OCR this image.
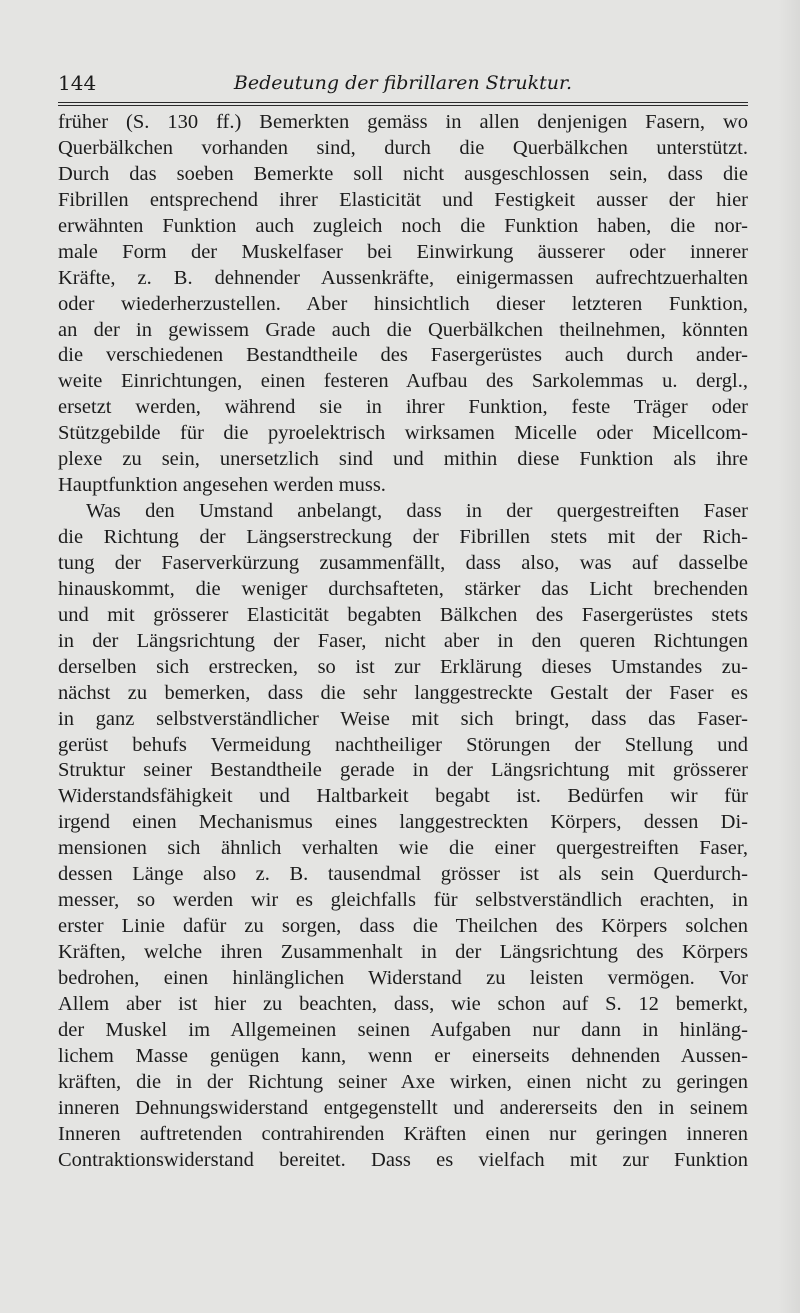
144	Bedeutung der fibrillaren Struktur.
früher (S. 130 ff.) Bemerkten gemäss in allen denjenigen Fasern, wo
Querbälkchen vorhanden sind, durch die Querbälkchen unterstützt.
Durch das soeben Bemerkte soll nicht ausgeschlossen sein, dass die
Fibrillen entsprechend ihrer Elasticität und Festigkeit ausser der hier
erwähnten Funktion auch zugleich noch die Funktion haben, die nor-
male Form der Muskelfaser bei Einwirkung äusserer oder innerer
Kräfte, z. B. dehnender Aussenkräfte, einigermassen aufrechtzuerhalten
oder wiederherzustellen. Aber hinsichtlich dieser letzteren Funktion,
an der in gewissem Grade auch die Querbälkchen theilnehmen, könnten
die verschiedenen Bestandtheile des Fasergerüstes auch durch ander-
weite Einrichtungen, einen festeren Aufbau des Sarkolemmas u. dergl.,
ersetzt werden, während sie in ihrer Funktion, feste Träger oder
Stützgebilde für die pyroelektrisch wirksamen Micelle oder Micellcom-
plexe zu sein, unersetzlich sind und mithin diese Funktion als ihre
Hauptfunktion angesehen werden muss.
Was den Umstand anbelangt, dass in der quergestreiften Faser
die Richtung der Längserstreckung der Fibrillen stets mit der Rich-
tung der Faserverkürzung zusammenfällt, dass also, was auf dasselbe
hinauskommt, die weniger durchsafteten, stärker das Licht brechenden
und mit grösserer Elasticität begabten Bälkchen des Fasergerüstes stets
in der Längsrichtung der Faser, nicht aber in den queren Richtungen
derselben sich erstrecken, so ist zur Erklärung dieses Umstandes zu-
nächst zu bemerken, dass die sehr langgestreckte Gestalt der Faser es
in ganz selbstverständlicher Weise mit sich bringt, dass das Faser-
gerüst behufs Vermeidung nachtheiliger Störungen der Stellung und
Struktur seiner Bestandtheile gerade in der Längsrichtung mit grösserer
Widerstandsfähigkeit und Haltbarkeit begabt ist. Bedürfen wir für
irgend einen Mechanismus eines langgestreckten Körpers, dessen Di-
mensionen sich ähnlich verhalten wie die einer quergestreiften Faser,
dessen Länge also z. B. tausendmal grösser ist als sein Querdurch-
messer, so werden wir es gleichfalls für selbstverständlich erachten, in
erster Linie dafür zu sorgen, dass die Theilchen des Körpers solchen
Kräften, welche ihren Zusammenhalt in der Längsrichtung des Körpers
bedrohen, einen hinlänglichen Widerstand zu leisten vermögen. Vor
Allem aber ist hier zu beachten, dass, wie schon auf S. 12 bemerkt,
der Muskel im Allgemeinen seinen Aufgaben nur dann in hinläng-
lichem Masse genügen kann, wenn er einerseits dehnenden Aussen-
kräften, die in der Richtung seiner Axe wirken, einen nicht zu geringen
inneren Dehnungswiderstand entgegenstellt und andererseits den in seinem
Inneren auftretenden contrahirenden Kräften einen nur geringen inneren
Contraktionswiderstand bereitet. Dass es vielfach mit zur Funktion
